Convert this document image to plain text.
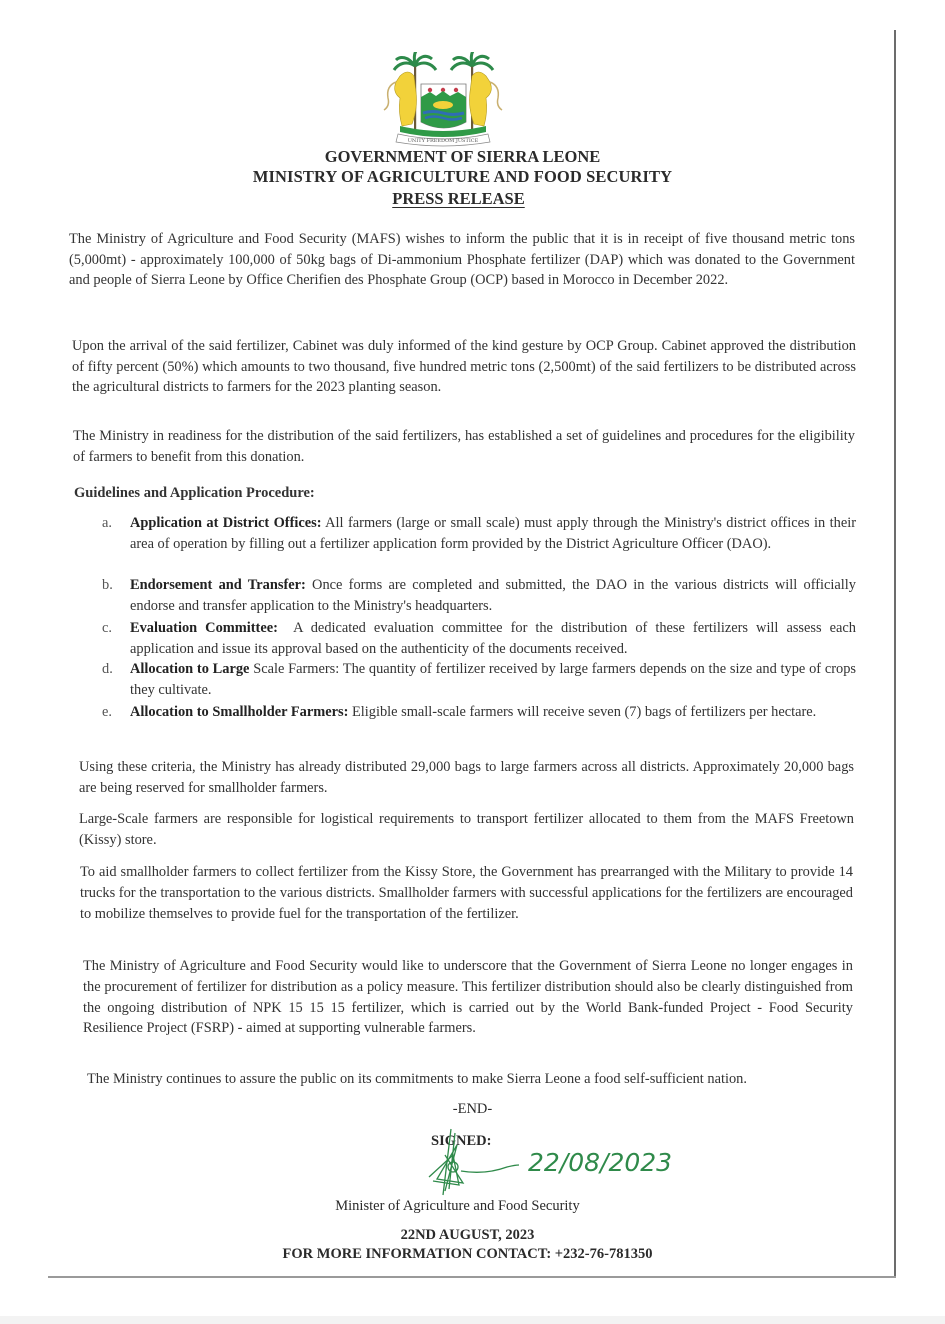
UNITY FREEDOM JUSTICE
GOVERNMENT OF SIERRA LEONE
MINISTRY OF AGRICULTURE AND FOOD SECURITY
PRESS RELEASE

The Ministry of Agriculture and Food Security (MAFS) wishes to inform the public that it is in receipt of five thousand metric tons (5,000mt) - approximately 100,000 of 50kg bags of Di-ammonium Phosphate fertilizer (DAP) which was donated to the Government and people of Sierra Leone by Office Cherifien des Phosphate Group (OCP) based in Morocco in December 2022.

Upon the arrival of the said fertilizer, Cabinet was duly informed of the kind gesture by OCP Group. Cabinet approved the distribution of fifty percent (50%) which amounts to two thousand, five hundred metric tons (2,500mt) of the said fertilizers to be distributed across the agricultural districts to farmers for the 2023 planting season.

The Ministry in readiness for the distribution of the said fertilizers, has established a set of guidelines and procedures for the eligibility of farmers to benefit from this donation.

Guidelines and Application Procedure:
a. Application at District Offices: All farmers (large or small scale) must apply through the Ministry's district offices in their area of operation by filling out a fertilizer application form provided by the District Agriculture Officer (DAO).
b. Endorsement and Transfer: Once forms are completed and submitted, the DAO in the various districts will officially endorse and transfer application to the Ministry's headquarters.
c. Evaluation Committee:  A dedicated evaluation committee for the distribution of these fertilizers will assess each application and issue its approval based on the authenticity of the documents received.
d. Allocation to Large Scale Farmers: The quantity of fertilizer received by large farmers depends on the size and type of crops they cultivate.
e. Allocation to Smallholder Farmers: Eligible small-scale farmers will receive seven (7) bags of fertilizers per hectare.

Using these criteria, the Ministry has already distributed 29,000 bags to large farmers across all districts. Approximately 20,000 bags are being reserved for smallholder farmers.

Large-Scale farmers are responsible for logistical requirements to transport fertilizer allocated to them from the MAFS Freetown (Kissy) store.

To aid smallholder farmers to collect fertilizer from the Kissy Store, the Government has prearranged with the Military to provide 14 trucks for the transportation to the various districts. Smallholder farmers with successful applications for the fertilizers are encouraged to mobilize themselves to provide fuel for the transportation of the fertilizer.

The Ministry of Agriculture and Food Security would like to underscore that the Government of Sierra Leone no longer engages in the procurement of fertilizer for distribution as a policy measure. This fertilizer distribution should also be clearly distinguished from the ongoing distribution of NPK 15 15 15 fertilizer, which is carried out by the World Bank-funded Project - Food Security Resilience Project (FSRP) - aimed at supporting vulnerable farmers.

The Ministry continues to assure the public on its commitments to make Sierra Leone a food self-sufficient nation.

-END-
SIGNED:
22/08/2023
Minister of Agriculture and Food Security
22ND AUGUST, 2023
FOR MORE INFORMATION CONTACT: +232-76-781350
